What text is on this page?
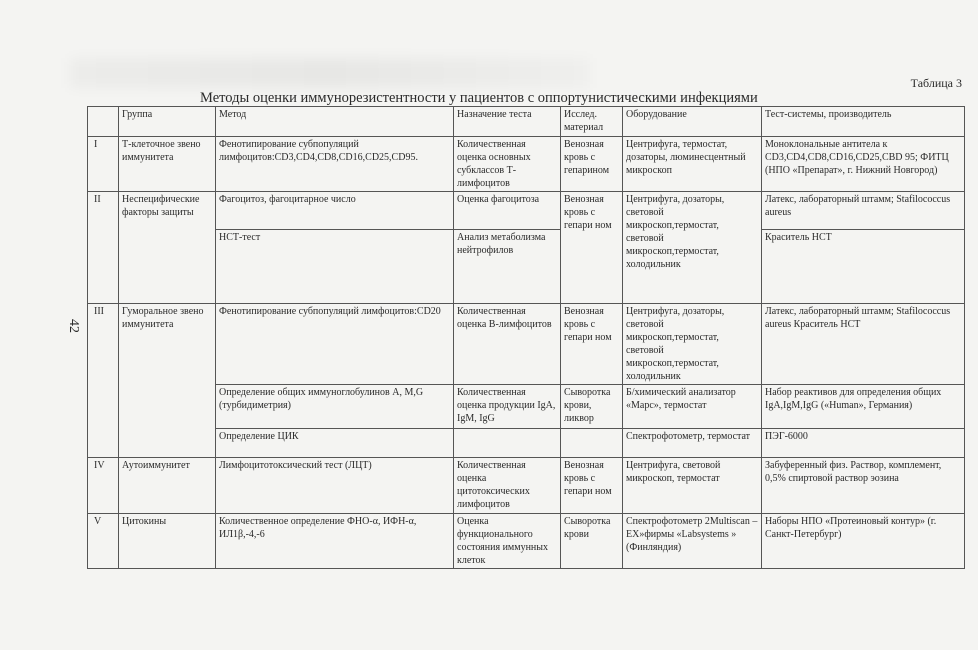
Таблица 3
Методы оценки иммунорезистентности у пациентов с оппортунистическими инфекциями
42
	Группа	Метод	Назначение теста	Исслед. материал	Оборудование	Тест-системы, производитель
I	Т-клеточное звено иммунитета	Фенотипирование субпопуляций лимфоцитов:CD3,CD4,CD8,CD16,CD25,CD95.	Количественная оценка основных субклассов Т-лимфоцитов	Венозная кровь с гепарином	Центрифуга, термостат, дозаторы, люминесцентный микроскоп	Моноклональные антитела к CD3,CD4,CD8,CD16,CD25,CBD 95; ФИТЦ (НПО «Препарат», г. Нижний Новгород)
II	Неспецифические факторы защиты	Фагоцитоз, фагоцитарное число	Оценка фагоцитоза	Венозная кровь с гепари ном	Центрифуга, дозаторы, световой микроскоп,термостат, световой микроскоп,термостат, холодильник	Латекс, лабораторный штамм; Stafilococcus aureus
		НСТ-тест	Анализ метаболизма нейтрофилов			Краситель НСТ
III	Гуморальное звено иммунитета	Фенотипирование субпопуляций лимфоцитов:CD20	Количественная оценка В-лимфоцитов	Венозная кровь с гепари ном	Центрифуга, дозаторы, световой микроскоп,термостат, световой микроскоп,термостат, холодильник	Латекс, лабораторный штамм; Stafilococcus aureus Краситель НСТ
		Определение общих иммуноглобулинов А, M,G (турбидиметрия)	Количественная оценка продукции IgA, IgM, IgG	Сыворотка крови, ликвор	Б/химический анализатор «Марс», термостат	Набор реактивов для определения общих IgA,IgM,IgG («Human», Германия)
		Определение ЦИК			Спектрофотометр, термостат	ПЭГ-6000
IV	Аутоиммунитет	Лимфоцитотоксический тест (ЛЦТ)	Количественная оценка цитотоксических лимфоцитов	Венозная кровь с гепари ном	Центрифуга, световой микроскоп, термостат	Забуференный физ. Раствор, комплемент, 0,5% спиртовой раствор эозина
V	Цитокины	Количественное определение ФНО-α, ИФН-α, ИЛ1β,-4,-6	Оценка функционального состояния иммунных клеток	Сыворотка крови	Спектрофотометр 2Multiscan –EX»фирмы «Labsystems » (Финляндия)	Наборы НПО «Протеиновый контур» (г. Санкт-Петербург)
